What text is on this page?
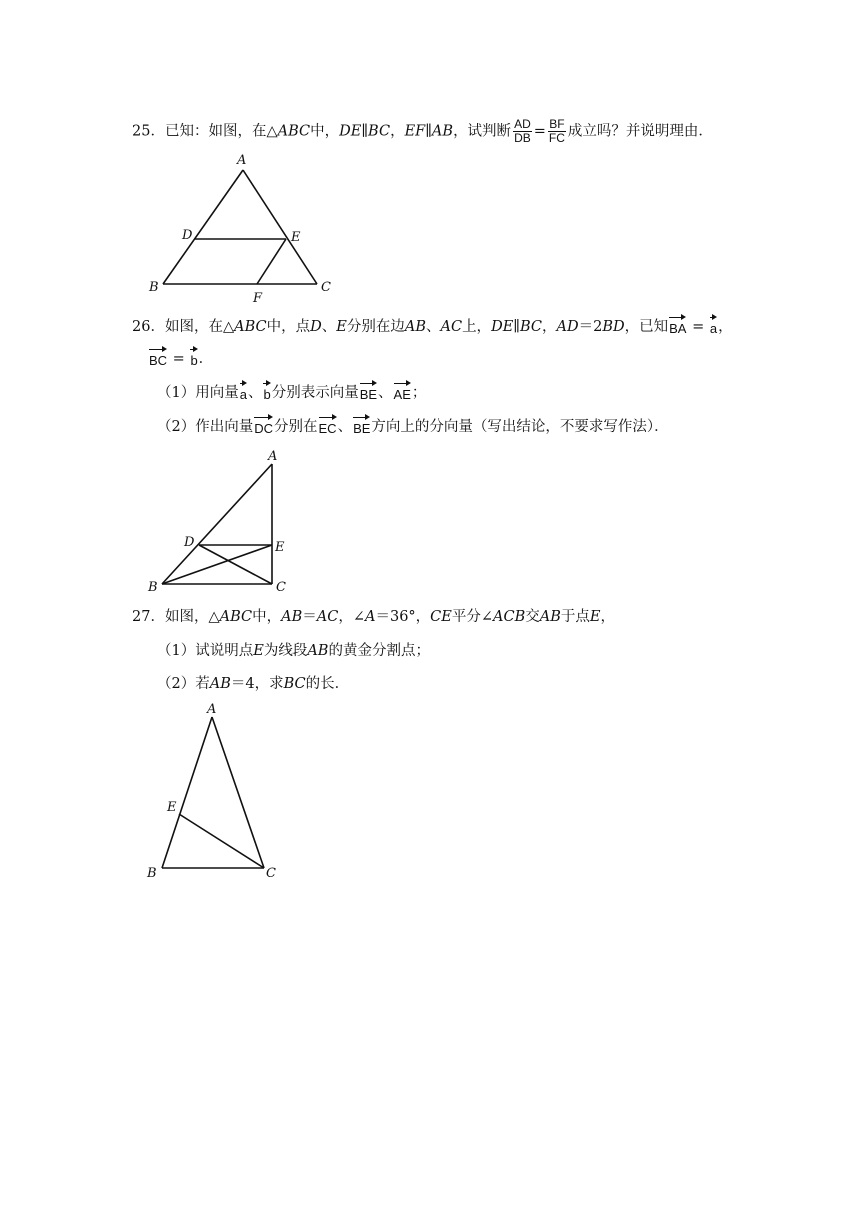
25．已知：如图，在△ABC中，DE∥BC，EF∥AB，试判断 $\frac{AD}{DB} = \frac{BF}{FC}$ 成立吗？并说明理由．
A
D	E
B	C
F
26．如图，在△ABC中，点D、E分别在边AB、AC上，DE∥BC，AD＝2BD，已知BA = a，
BC = b．
（1）用向量a、b分别表示向量BE、AE；
（2）作出向量DC分别在EC、BE方向上的分向量（写出结论，不要求写作法）．
A
D	E
B	C
27．如图，△ABC中，AB＝AC，∠A＝36°，CE平分∠ACB交AB于点E，
（1）试说明点E为线段AB的黄金分割点；
（2）若AB＝4，求BC的长．
A
E
B	C
